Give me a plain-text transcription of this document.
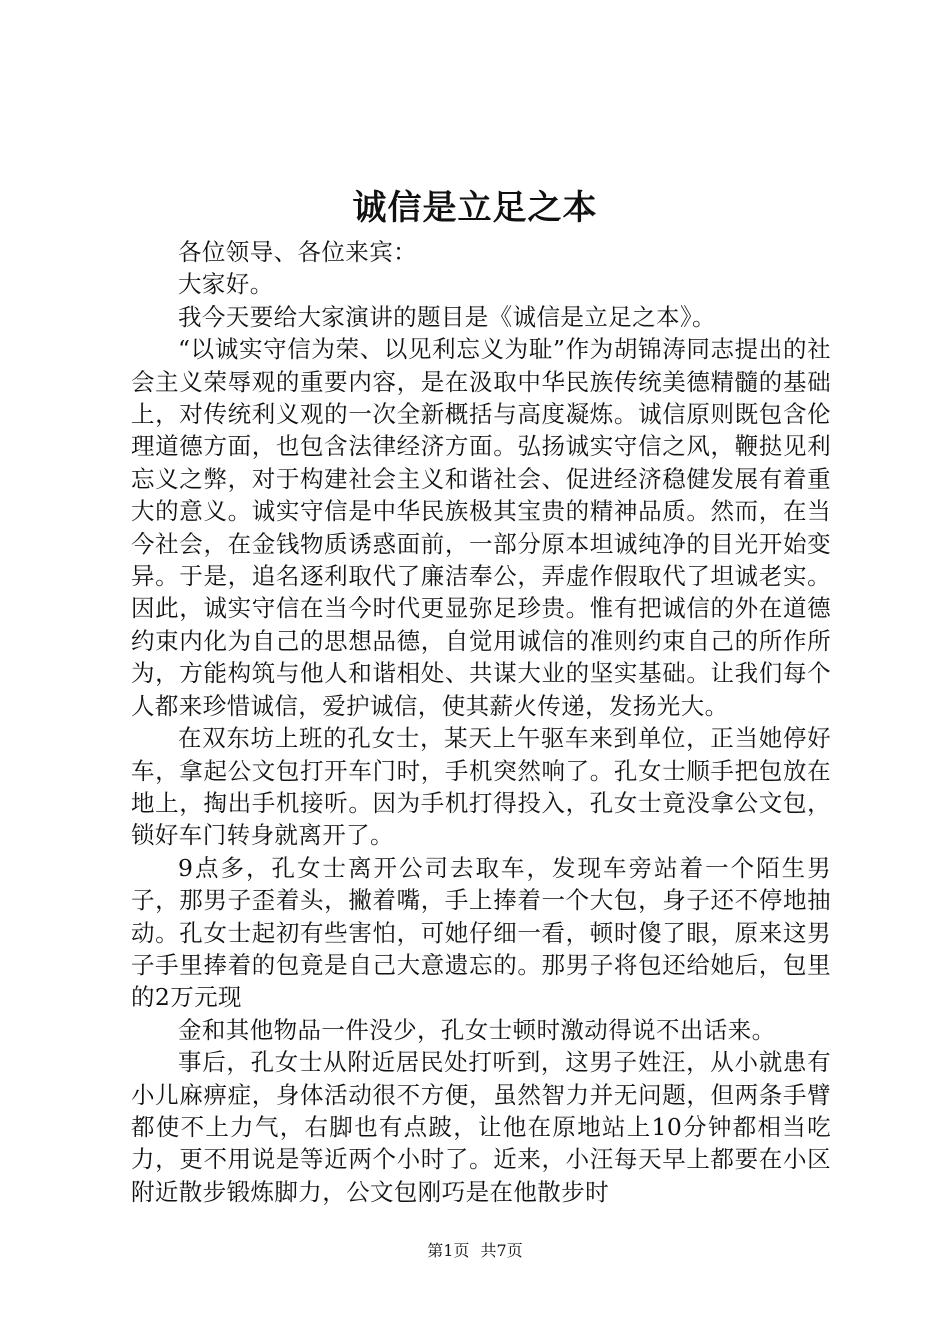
诚信是立足之本

各位领导、各位来宾：

大家好。

我今天要给大家演讲的题目是《诚信是立足之本》。

“以诚实守信为荣、以见利忘义为耻”作为胡锦涛同志提出的社会主义荣辱观的重要内容，是在汲取中华民族传统美德精髓的基础上，对传统利义观的一次全新概括与高度凝炼。诚信原则既包含伦理道德方面，也包含法律经济方面。弘扬诚实守信之风，鞭挞见利忘义之弊，对于构建社会主义和谐社会、促进经济稳健发展有着重大的意义。诚实守信是中华民族极其宝贵的精神品质。然而，在当今社会，在金钱物质诱惑面前，一部分原本坦诚纯净的目光开始变异。于是，追名逐利取代了廉洁奉公，弄虚作假取代了坦诚老实。因此，诚实守信在当今时代更显弥足珍贵。惟有把诚信的外在道德约束内化为自己的思想品德，自觉用诚信的准则约束自己的所作所为，方能构筑与他人和谐相处、共谋大业的坚实基础。让我们每个人都来珍惜诚信，爱护诚信，使其薪火传递，发扬光大。

在双东坊上班的孔女士，某天上午驱车来到单位，正当她停好车，拿起公文包打开车门时，手机突然响了。孔女士顺手把包放在地上，掏出手机接听。因为手机打得投入，孔女士竟没拿公文包，锁好车门转身就离开了。

9点多，孔女士离开公司去取车，发现车旁站着一个陌生男子，那男子歪着头，撇着嘴，手上捧着一个大包，身子还不停地抽动。孔女士起初有些害怕，可她仔细一看，顿时傻了眼，原来这男子手里捧着的包竟是自己大意遗忘的。那男子将包还给她后，包里的2万元现

金和其他物品一件没少，孔女士顿时激动得说不出话来。

事后，孔女士从附近居民处打听到，这男子姓汪，从小就患有小儿麻痹症，身体活动很不方便，虽然智力并无问题，但两条手臂都使不上力气，右脚也有点跛，让他在原地站上10分钟都相当吃力，更不用说是等近两个小时了。近来，小汪每天早上都要在小区附近散步锻炼脚力，公文包刚巧是在他散步时

第1页 共7页
